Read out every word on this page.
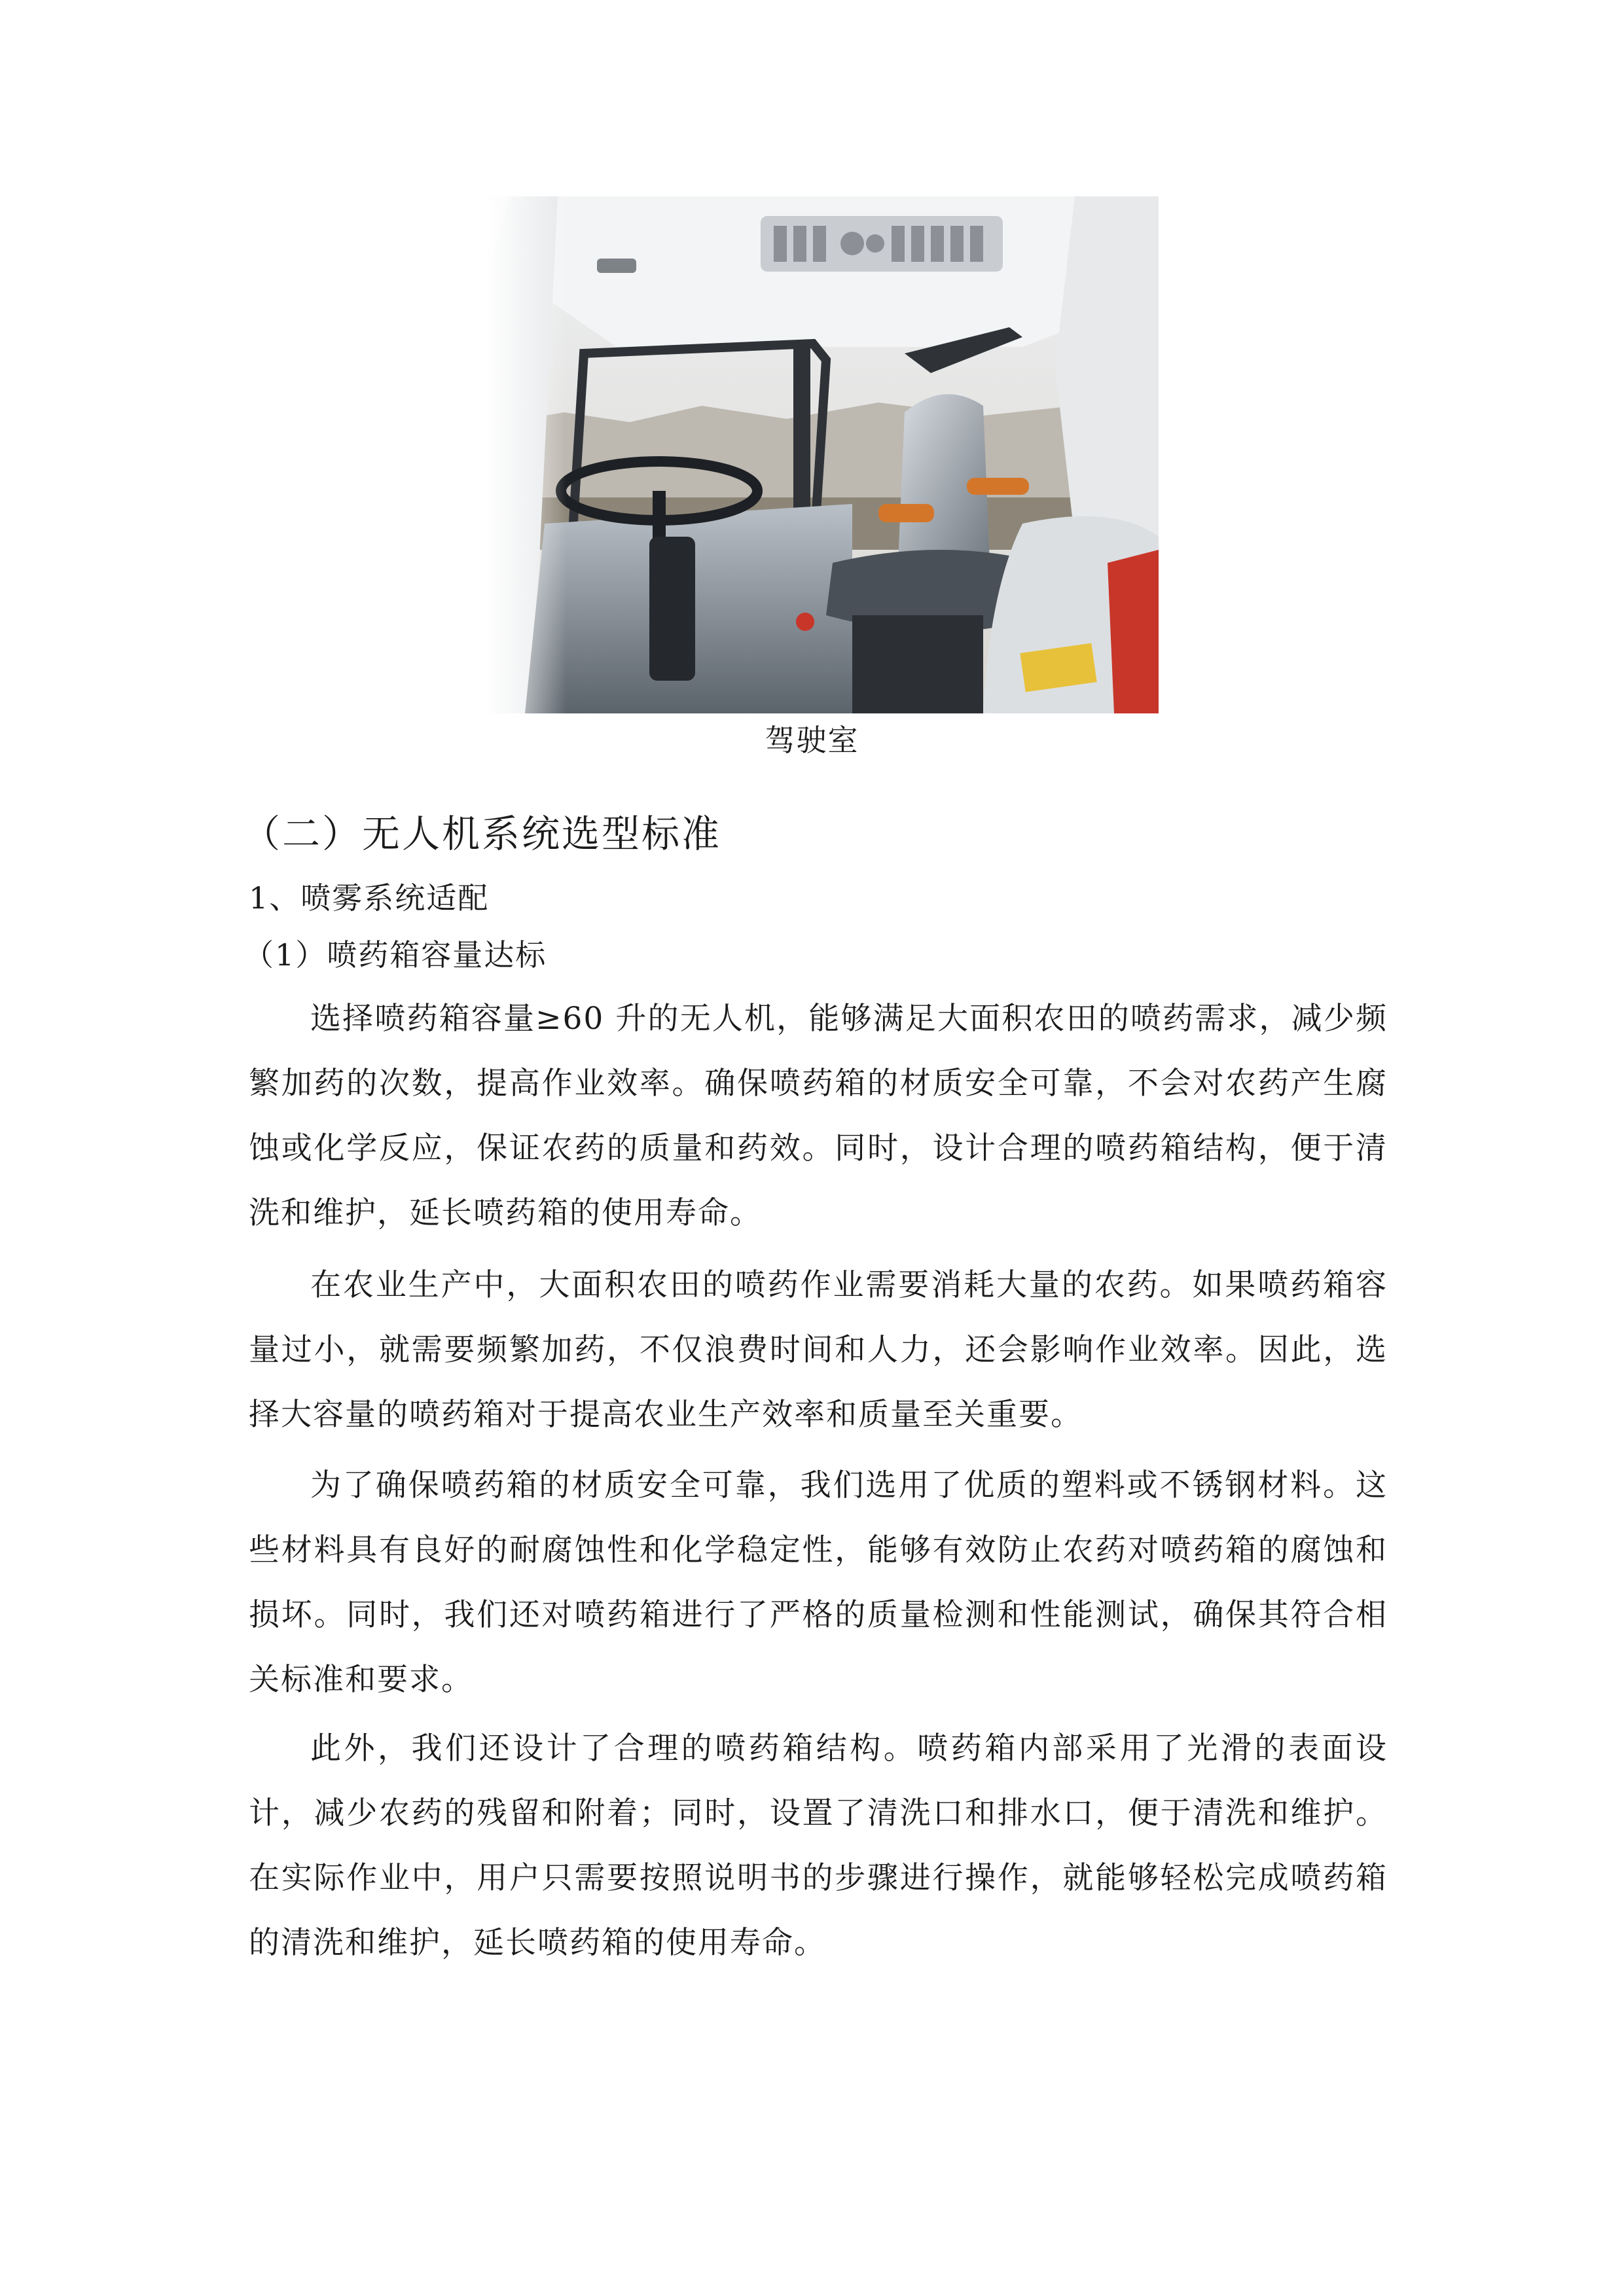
驾驶室
（二）无人机系统选型标准
1、喷雾系统适配
（1）喷药箱容量达标

选择喷药箱容量≥60 升的无人机，能够满足大面积农田的喷药需求，减少频繁加药的次数，提高作业效率。确保喷药箱的材质安全可靠，不会对农药产生腐蚀或化学反应，保证农药的质量和药效。同时，设计合理的喷药箱结构，便于清洗和维护，延长喷药箱的使用寿命。

在农业生产中，大面积农田的喷药作业需要消耗大量的农药。如果喷药箱容量过小，就需要频繁加药，不仅浪费时间和人力，还会影响作业效率。因此，选择大容量的喷药箱对于提高农业生产效率和质量至关重要。

为了确保喷药箱的材质安全可靠，我们选用了优质的塑料或不锈钢材料。这些材料具有良好的耐腐蚀性和化学稳定性，能够有效防止农药对喷药箱的腐蚀和损坏。同时，我们还对喷药箱进行了严格的质量检测和性能测试，确保其符合相关标准和要求。

此外，我们还设计了合理的喷药箱结构。喷药箱内部采用了光滑的表面设计，减少农药的残留和附着；同时，设置了清洗口和排水口，便于清洗和维护。在实际作业中，用户只需要按照说明书的步骤进行操作，就能够轻松完成喷药箱的清洗和维护，延长喷药箱的使用寿命。
